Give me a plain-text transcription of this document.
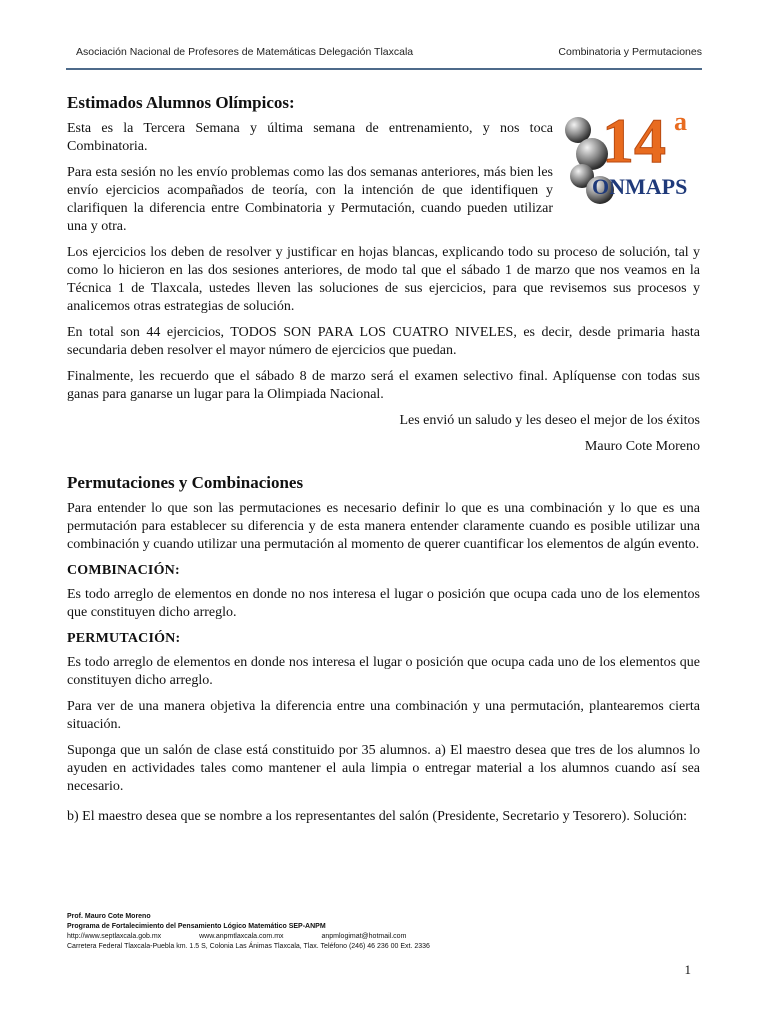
Asociación Nacional de Profesores de Matemáticas Delegación Tlaxcala	Combinatoria y Permutaciones
14 a
ONMAPS
Estimados Alumnos Olímpicos:

Esta es la Tercera Semana y última semana de entrenamiento, y nos toca Combinatoria.

Para esta sesión no les envío problemas como las dos semanas anteriores, más bien les envío ejercicios acompañados de teoría, con la intención de que identifiquen y clarifiquen la diferencia entre Combinatoria y Permutación, cuando pueden utilizar una y otra.

Los ejercicios los deben de resolver y justificar en hojas blancas, explicando todo su proceso de solución, tal y como lo hicieron en las dos sesiones anteriores, de modo tal que el sábado 1 de marzo que nos veamos en la Técnica 1 de Tlaxcala, ustedes lleven las soluciones de sus ejercicios, para que revisemos sus procesos y analicemos otras estrategias de solución.

En total son 44 ejercicios, TODOS SON PARA LOS CUATRO NIVELES, es decir, desde primaria hasta secundaria deben resolver el mayor número de ejercicios que puedan.

Finalmente, les recuerdo que el sábado 8 de marzo será el examen selectivo final. Aplíquense con todas sus ganas para ganarse un lugar para la Olimpiada Nacional.

Les envió un saludo y les deseo el mejor de los éxitos

Mauro Cote Moreno

Permutaciones y Combinaciones

Para entender lo que son las permutaciones es necesario definir lo que es una combinación y lo que es una permutación para establecer su diferencia y de esta manera entender claramente cuando es posible utilizar una combinación y cuando utilizar una permutación al momento de querer cuantificar los elementos de algún evento.

COMBINACIÓN:

Es todo arreglo de elementos en donde no nos interesa el lugar o posición que ocupa cada uno de los elementos que constituyen dicho arreglo.

PERMUTACIÓN:

Es todo arreglo de elementos en donde nos interesa el lugar o posición que ocupa cada uno de los elementos que constituyen dicho arreglo.

Para ver de una manera objetiva la diferencia entre una combinación y una permutación, plantearemos cierta situación.

Suponga que un salón de clase está constituido por 35 alumnos. a) El maestro desea que tres de los alumnos lo ayuden en actividades tales como mantener el aula limpia o entregar material a los alumnos cuando así sea necesario.

b) El maestro desea que se nombre a los representantes del salón (Presidente, Secretario y Tesorero). Solución:

Prof. Mauro Cote Moreno
Programa de Fortalecimiento del Pensamiento Lógico Matemático SEP-ANPM
http://www.septlaxcala.gob.mx	www.anpmtlaxcala.com.mx	anpmlogimat@hotmail.com
Carretera Federal Tlaxcala-Puebla km. 1.5 S, Colonia Las Ánimas Tlaxcala, Tlax. Teléfono (246) 46 236 00 Ext. 2336
1
